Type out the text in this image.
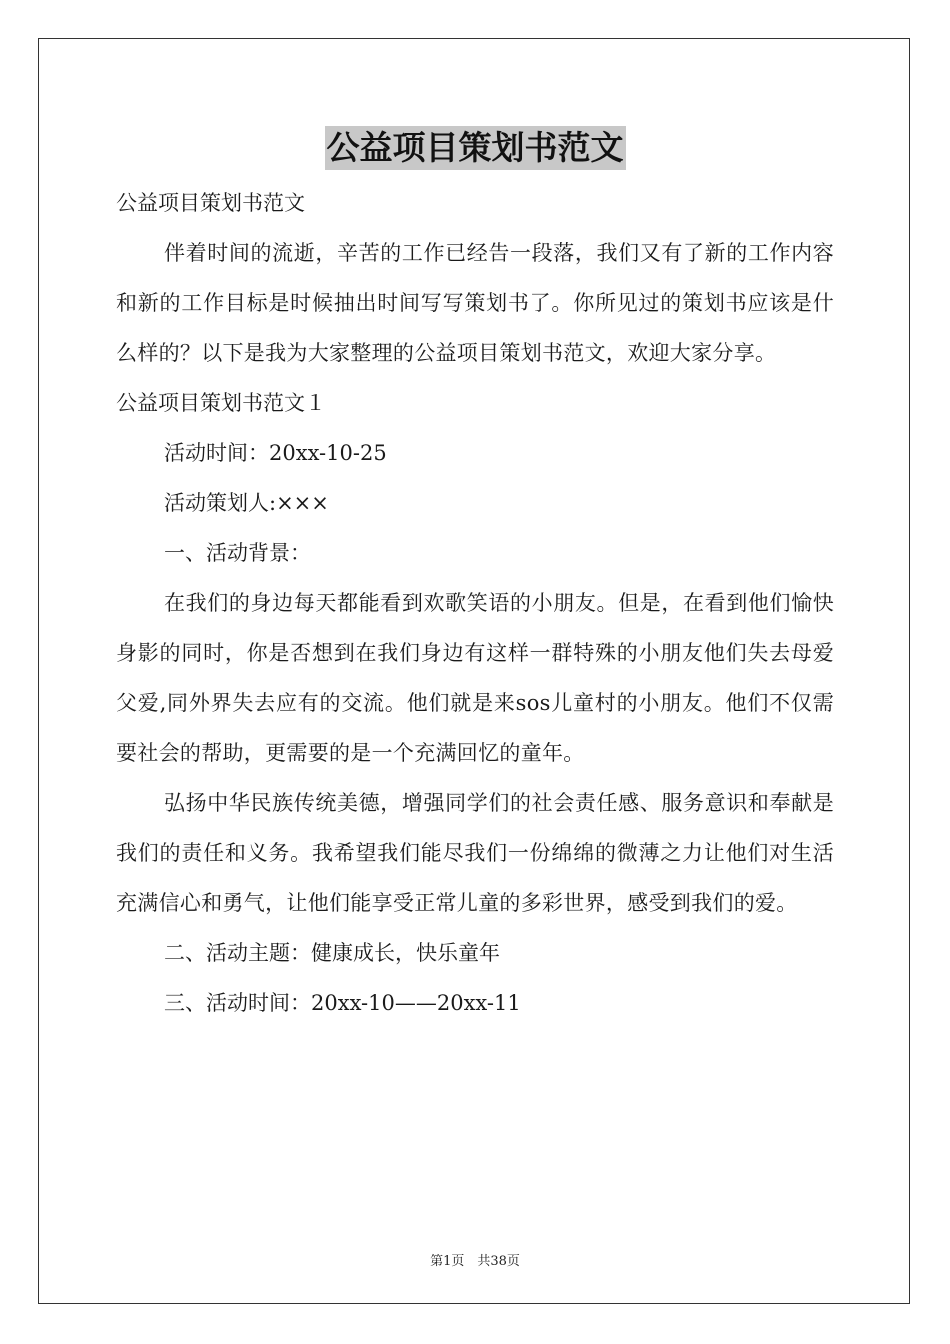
公益项目策划书范文

公益项目策划书范文

伴着时间的流逝，辛苦的工作已经告一段落，我们又有了新的工作内容和新的工作目标是时候抽出时间写写策划书了。你所见过的策划书应该是什么样的？以下是我为大家整理的公益项目策划书范文，欢迎大家分享。

公益项目策划书范文１

活动时间：20xx-10-25

活动策划人:×××

一、活动背景：

在我们的身边每天都能看到欢歌笑语的小朋友。但是，在看到他们愉快身影的同时，你是否想到在我们身边有这样一群特殊的小朋友他们失去母爱父爱,同外界失去应有的交流。他们就是来sos儿童村的小朋友。他们不仅需要社会的帮助，更需要的是一个充满回忆的童年。

弘扬中华民族传统美德，增强同学们的社会责任感、服务意识和奉献是我们的责任和义务。我希望我们能尽我们一份绵绵的微薄之力让他们对生活充满信心和勇气，让他们能享受正常儿童的多彩世界，感受到我们的爱。

二、活动主题：健康成长，快乐童年

三、活动时间：20xx-10——20xx-11

第1页　共38页
